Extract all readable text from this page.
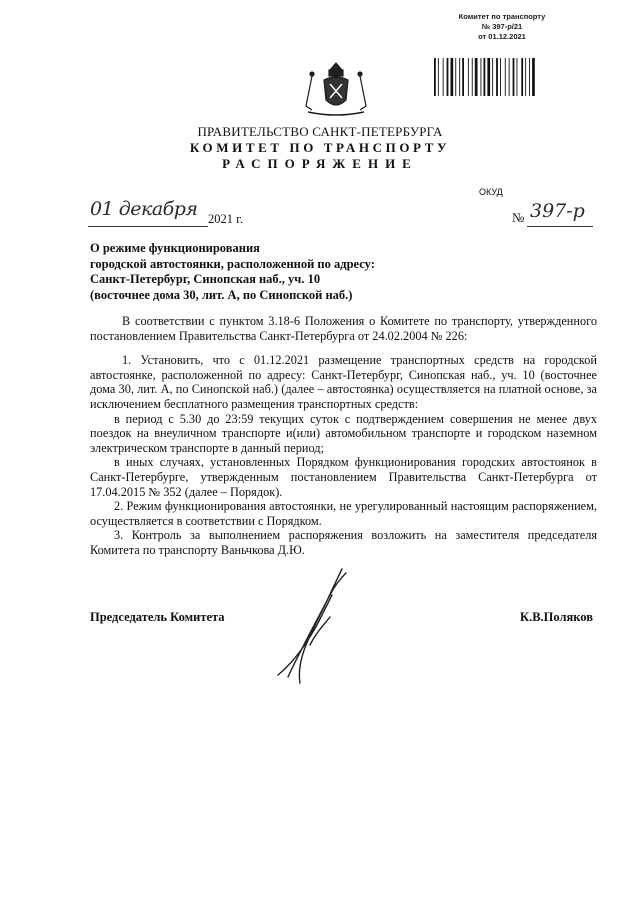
Комитет по транспорту
№ 397-р/21
от 01.12.2021
ПРАВИТЕЛЬСТВО САНКТ-ПЕТЕРБУРГА
КОМИТЕТ ПО ТРАНСПОРТУ
РАСПОРЯЖЕНИЕ
ОКУД
01 декабря 2021 г.	№ 397-р
О режиме функционирования
городской автостоянки, расположенной по адресу:
Санкт-Петербург, Синопская наб., уч. 10
(восточнее дома 30, лит. А, по Синопской наб.)

В соответствии с пунктом 3.18-6 Положения о Комитете по транспорту, утвержденного постановлением Правительства Санкт-Петербурга от 24.02.2004 № 226:

1. Установить, что с 01.12.2021 размещение транспортных средств на городской автостоянке, расположенной по адресу: Санкт-Петербург, Синопская наб., уч. 10 (восточнее дома 30, лит. А, по Синопской наб.) (далее – автостоянка) осуществляется на платной основе, за исключением бесплатного размещения транспортных средств:

в период с 5.30 до 23:59 текущих суток с подтверждением совершения не менее двух поездок на внеуличном транспорте и(или) автомобильном транспорте и городском наземном электрическом транспорте в данный период;

в иных случаях, установленных Порядком функционирования городских автостоянок в Санкт-Петербурге, утвержденным постановлением Правительства Санкт-Петербурга от 17.04.2015 № 352 (далее – Порядок).

2. Режим функционирования автостоянки, не урегулированный настоящим распоряжением, осуществляется в соответствии с Порядком.

3. Контроль за выполнением распоряжения возложить на заместителя председателя Комитета по транспорту Ваньчкова Д.Ю.

Председатель Комитета	К.В.Поляков
